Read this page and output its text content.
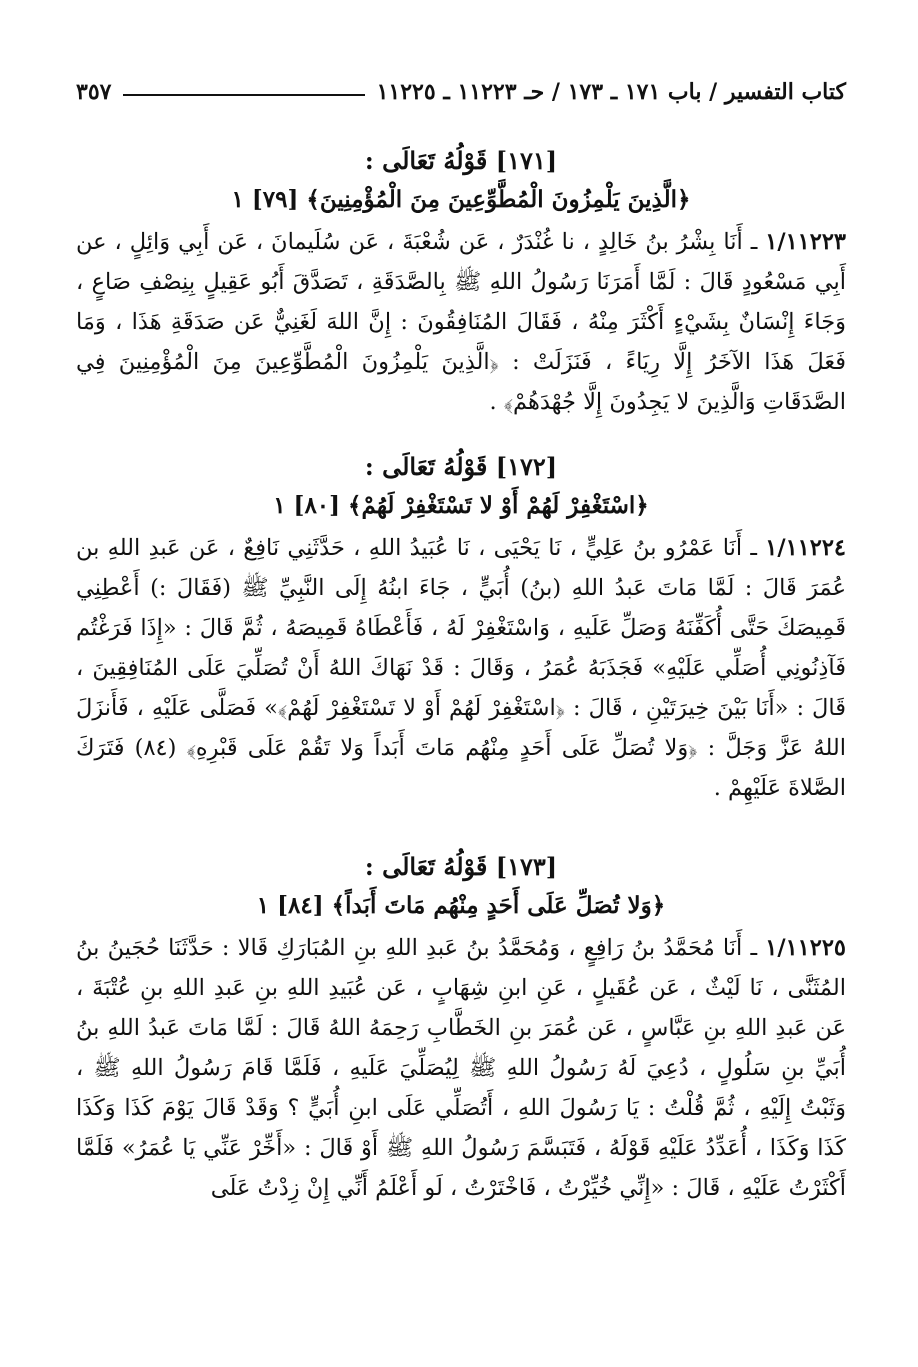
كتاب التفسير / باب ١٧١ ـ ١٧٣ / حـ ١١٢٢٣ ـ ١١٢٢٥
٣٥٧
[١٧١] قَوْلُهُ تَعَالَى :
﴿الَّذِينَ يَلْمِزُونَ الْمُطَّوِّعِينَ مِنَ الْمُؤْمِنِينَ﴾ [٧٩] ١

١/١١٢٢٣ ـ أَنَا بِشْرُ بنُ خَالِدٍ ، نا غُنْدَرٌ ، عَن شُعْبَةَ ، عَن سُلَيمانَ ، عَن أَبِي وَائِلٍ ، عن أَبِي مَسْعُودٍ قَالَ : لَمَّا أَمَرَنَا رَسُولُ اللهِ ﷺ بِالصَّدَقَةِ ، تَصَدَّقَ أَبُو عَقِيلٍ بِنِصْفِ صَاعٍ ، وَجَاءَ إِنْسَانٌ بِشَيْءٍ أَكْثَرَ مِنْهُ ، فَقَالَ المُنَافِقُونَ : إِنَّ اللهَ لَغَنِيٌّ عَن صَدَقَةِ هَذَا ، وَمَا فَعَلَ هَذَا الآخَرُ إِلَّا رِيَاءً ، فَنَزَلَتْ : ﴿الَّذِينَ يَلْمِزُونَ الْمُطَّوِّعِينَ مِنَ الْمُؤْمِنِينَ فِي الصَّدَقَاتِ وَالَّذِينَ لا يَجِدُونَ إِلَّا جُهْدَهُمْ﴾ .

[١٧٢] قَوْلُهُ تَعَالَى :
﴿اسْتَغْفِرْ لَهُمْ أَوْ لا تَسْتَغْفِرْ لَهُمْ﴾ [٨٠] ١

١/١١٢٢٤ ـ أَنَا عَمْرُو بنُ عَلِيٍّ ، نَا يَحْيَى ، نَا عُبَيدُ اللهِ ، حَدَّثَنِي نَافِعٌ ، عَن عَبدِ اللهِ بن عُمَرَ قَالَ : لَمَّا مَاتَ عَبدُ اللهِ (بنُ) أُبَيٍّ ، جَاءَ ابنُهُ إِلَى النَّبِيِّ ﷺ (فَقَالَ :) أَعْطِنِي قَمِيصَكَ حَتَّى أُكَفِّنَهُ وَصَلِّ عَلَيهِ ، وَاسْتَغْفِرْ لَهُ ، فَأَعْطَاهُ قَمِيصَهُ ، ثُمَّ قَالَ : «إِذَا فَرَغْتُم فَآذِنُونِي أُصَلِّي عَلَيْهِ» فَجَذَبَهُ عُمَرُ ، وَقَالَ : قَدْ نَهَاكَ اللهُ أَنْ تُصَلِّيَ عَلَى المُنَافِقِينَ ، قَالَ : «أَنَا بَيْنَ خِيرَتَيْنِ ، قَالَ : ﴿اسْتَغْفِرْ لَهُمْ أَوْ لا تَسْتَغْفِرْ لَهُمْ﴾» فَصَلَّى عَلَيْهِ ، فَأَنزَلَ اللهُ عَزَّ وَجَلَّ : ﴿وَلا تُصَلِّ عَلَى أَحَدٍ مِنْهُم مَاتَ أَبَداً وَلا تَقُمْ عَلَى قَبْرِهِ﴾ (٨٤) فَتَرَكَ الصَّلاةَ عَلَيْهِمْ .

[١٧٣] قَوْلُهُ تَعَالَى :
﴿وَلا تُصَلِّ عَلَى أَحَدٍ مِنْهُم مَاتَ أَبَداً﴾ [٨٤] ١

١/١١٢٢٥ ـ أَنَا مُحَمَّدُ بنُ رَافِعٍ ، وَمُحَمَّدُ بنُ عَبدِ اللهِ بنِ المُبَارَكِ قَالا : حَدَّثَنَا حُجَينُ بنُ المُثَنَّى ، نَا لَيْثٌ ، عَن عُقَيلٍ ، عَنِ ابنِ شِهَابٍ ، عَن عُبَيدِ اللهِ بنِ عَبدِ اللهِ بنِ عُتْبَةَ ، عَن عَبدِ اللهِ بنِ عَبَّاسٍ ، عَن عُمَرَ بنِ الخَطَّابِ رَحِمَهُ اللهُ قَالَ : لَمَّا مَاتَ عَبدُ اللهِ بنُ أُبَيِّ بنِ سَلُولٍ ، دُعِيَ لَهُ رَسُولُ اللهِ ﷺ لِيُصَلِّيَ عَلَيهِ ، فَلَمَّا قَامَ رَسُولُ اللهِ ﷺ ، وَثَبْتُ إِلَيْهِ ، ثُمَّ قُلْتُ : يَا رَسُولَ اللهِ ، أَتُصَلِّي عَلَى ابنِ أُبَيٍّ ؟ وَقَدْ قَالَ يَوْمَ كَذَا وَكَذَا كَذَا وَكَذَا ، أُعَدِّدُ عَلَيْهِ قَوْلَهُ ، فَتَبَسَّمَ رَسُولُ اللهِ ﷺ أَوْ قَالَ : «أَخِّرْ عَنِّي يَا عُمَرُ» فَلَمَّا أَكْثَرْتُ عَلَيْهِ ، قَالَ : «إِنِّي خُيِّرْتُ ، فَاخْتَرْتُ ، لَو أَعْلَمُ أَنِّي إِنْ زِدْتُ عَلَى
